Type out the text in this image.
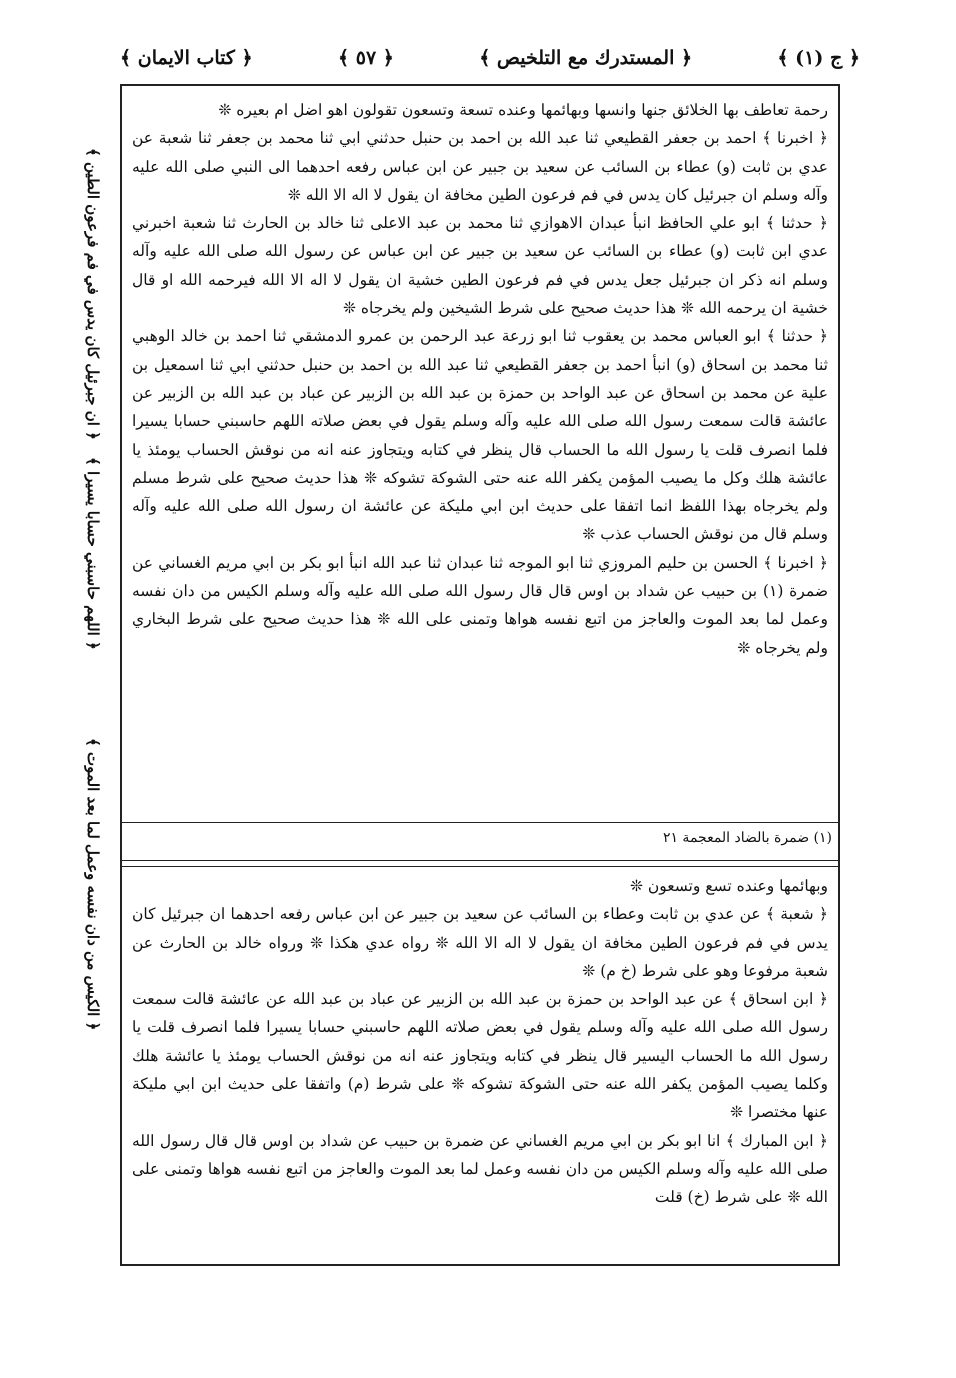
﴿ ج (١) ﴾
﴿ المستدرك مع التلخيص ﴾
﴿ ٥٧ ﴾
﴿ كتاب الايمان ﴾

رحمة تعاطف بها الخلائق جنها وانسها وبهائمها وعنده تسعة وتسعون تقولون اهو اضل ام بعيره ❊

﴿ اخبرنا ﴾ احمد بن جعفر القطيعي ثنا عبد الله بن احمد بن حنبل حدثني ابي ثنا محمد بن جعفر ثنا شعبة عن عدي بن ثابت (و) عطاء بن السائب عن سعيد بن جبير عن ابن عباس رفعه احدهما الى النبي صلى الله عليه وآله وسلم ان جبرئيل كان يدس في فم فرعون الطين مخافة ان يقول لا اله الا الله ❊

﴿ حدثنا ﴾ ابو علي الحافظ انبأ عبدان الاهوازي ثنا محمد بن عبد الاعلى ثنا خالد بن الحارث ثنا شعبة اخبرني عدي ابن ثابت (و) عطاء بن السائب عن سعيد بن جبير عن ابن عباس عن رسول الله صلى الله عليه وآله وسلم انه ذكر ان جبرئيل جعل يدس في فم فرعون الطين خشية ان يقول لا اله الا الله فيرحمه الله او قال خشية ان يرحمه الله ❊ هذا حديث صحيح على شرط الشيخين ولم يخرجاه ❊

﴿ حدثنا ﴾ ابو العباس محمد بن يعقوب ثنا ابو زرعة عبد الرحمن بن عمرو الدمشقي ثنا احمد بن خالد الوهبي ثنا محمد بن اسحاق (و) انبأ احمد بن جعفر القطيعي ثنا عبد الله بن احمد بن حنبل حدثني ابي ثنا اسمعيل بن علية عن محمد بن اسحاق عن عبد الواحد بن حمزة بن عبد الله بن الزبير عن عباد بن عبد الله بن الزبير عن عائشة قالت سمعت رسول الله صلى الله عليه وآله وسلم يقول في بعض صلاته اللهم حاسبني حسابا يسيرا فلما انصرف قلت يا رسول الله ما الحساب قال ينظر في كتابه ويتجاوز عنه انه من نوقش الحساب يومئذ يا عائشة هلك وكل ما يصيب المؤمن يكفر الله عنه حتى الشوكة تشوكه ❊ هذا حديث صحيح على شرط مسلم ولم يخرجاه بهذا اللفظ انما اتفقا على حديث ابن ابي مليكة عن عائشة ان رسول الله صلى الله عليه وآله وسلم قال من نوقش الحساب عذب ❊

﴿ اخبرنا ﴾ الحسن بن حليم المروزي ثنا ابو الموجه ثنا عبدان ثنا عبد الله انبأ ابو بكر بن ابي مريم الغساني عن ضمرة (١) بن حبيب عن شداد بن اوس قال قال رسول الله صلى الله عليه وآله وسلم الكيس من دان نفسه وعمل لما بعد الموت والعاجز من اتبع نفسه هواها وتمنى على الله ❊ هذا حديث صحيح على شرط البخاري ولم يخرجاه ❊

(١) ضمرة بالضاد المعجمة ٢١

وبهائمها وعنده تسع وتسعون ❊

﴿ شعبة ﴾ عن عدي بن ثابت وعطاء بن السائب عن سعيد بن جبير عن ابن عباس رفعه احدهما ان جبرئيل كان يدس في فم فرعون الطين مخافة ان يقول لا اله الا الله ❊ رواه عدي هكذا ❊ ورواه خالد بن الحارث عن شعبة مرفوعا وهو على شرط (خ م) ❊

﴿ ابن اسحاق ﴾ عن عبد الواحد بن حمزة بن عبد الله بن الزبير عن عباد بن عبد الله عن عائشة قالت سمعت رسول الله صلى الله عليه وآله وسلم يقول في بعض صلاته اللهم حاسبني حسابا يسيرا فلما انصرف قلت يا رسول الله ما الحساب اليسير قال ينظر في كتابه ويتجاوز عنه انه من نوقش الحساب يومئذ يا عائشة هلك وكلما يصيب المؤمن يكفر الله عنه حتى الشوكة تشوكه ❊ على شرط (م) واتفقا على حديث ابن ابي مليكة عنها مختصرا ❊

﴿ ابن المبارك ﴾ انا ابو بكر بن ابي مريم الغساني عن ضمرة بن حبيب عن شداد بن اوس قال قال رسول الله صلى الله عليه وآله وسلم الكيس من دان نفسه وعمل لما بعد الموت والعاجز من اتبع نفسه هواها وتمنى على الله ❊ على شرط (خ) قلت

﴿ ان جبرئيل كان يدس في فم فرعون الطين ﴾
﴿ اللهم حاسبني حسابا يسيرا ﴾
﴿ الكيس من دان نفسه وعمل لما بعد الموت ﴾
